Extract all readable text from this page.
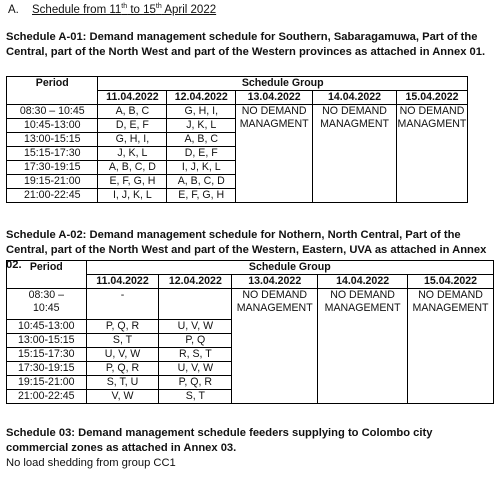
A. Schedule from 11th to 15th April 2022
Schedule A-01: Demand management schedule for Southern, Sabaragamuwa, Part of the Central, part of the North West and part of the Western provinces as attached in Annex 01.
Period	Schedule Group				
	11.04.2022	12.04.2022	13.04.2022	14.04.2022	15.04.2022
08:30 – 10:45	A, B, C	G, H, I,	NO DEMAND MANAGMENT	NO DEMAND MANAGMENT	NO DEMAND MANAGMENT
10:45-13:00	D, E, F	J, K, L			
13:00-15:15	G, H, I,	A, B, C			
15:15-17:30	J, K, L	D, E, F			
17:30-19:15	A, B, C, D	I, J, K, L			
19:15-21:00	E, F, G, H	A, B, C, D			
21:00-22:45	I, J, K, L	E, F, G, H			
Schedule A-02: Demand management schedule for Nothern, North Central, Part of the Central, part of the North West and part of the Western, Eastern, UVA as attached in Annex 02. Period	Schedule Group				
	11.04.2022	12.04.2022	13.04.2022	14.04.2022	15.04.2022

08:30 –
10:45	-		NO DEMAND MANAGEMENT	NO DEMAND MANAGEMENT	NO DEMAND MANAGEMENT
10:45-13:00	P, Q, R	U, V, W			
13:00-15:15	S, T	P, Q			
15:15-17:30	U, V, W	R, S, T			
17:30-19:15	P, Q, R	U, V, W			
19:15-21:00	S, T, U	P, Q, R			
21:00-22:45	V, W	S, T			
Schedule 03: Demand management schedule feeders supplying to Colombo city commercial zones as attached in Annex 03.
No load shedding from group CC1
